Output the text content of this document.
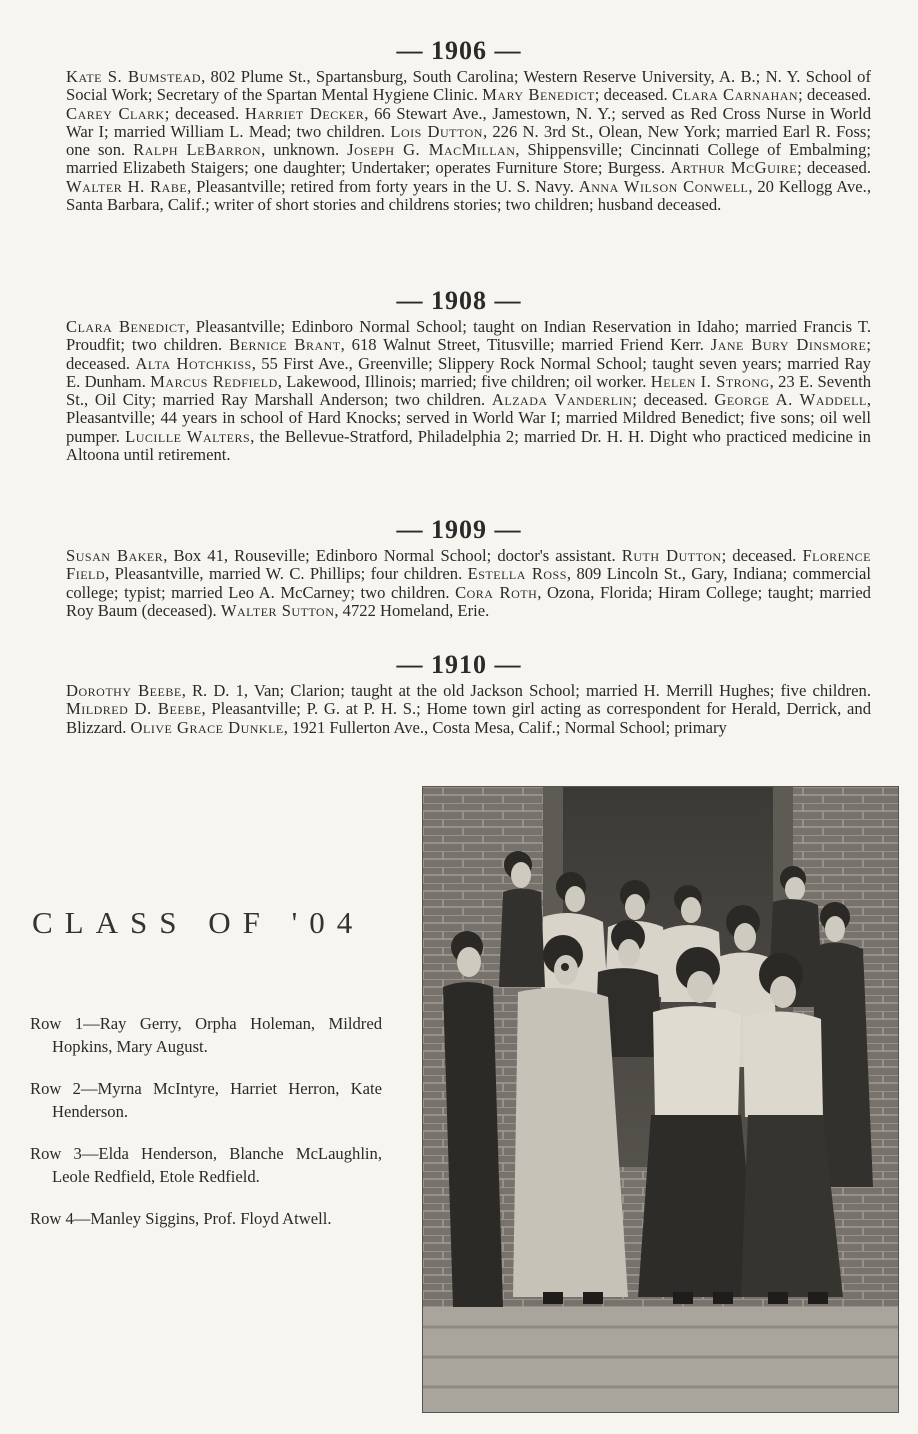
— 1906 —

Kate S. Bumstead, 802 Plume St., Spartansburg, South Carolina; Western Reserve University, A. B.; N. Y. School of Social Work; Secretary of the Spartan Mental Hygiene Clinic. Mary Benedict; deceased. Clara Carnahan; deceased. Carey Clark; deceased. Harriet Decker, 66 Stewart Ave., Jamestown, N. Y.; served as Red Cross Nurse in World War I; married William L. Mead; two children. Lois Dutton, 226 N. 3rd St., Olean, New York; married Earl R. Foss; one son. Ralph LeBarron, unknown. Joseph G. MacMillan, Shippensville; Cincinnati College of Embalming; married Elizabeth Staigers; one daughter; Undertaker; operates Furniture Store; Burgess. Arthur McGuire; deceased. Walter H. Rabe, Pleasantville; retired from forty years in the U. S. Navy. Anna Wilson Conwell, 20 Kellogg Ave., Santa Barbara, Calif.; writer of short stories and childrens stories; two children; husband deceased.

— 1908 —

Clara Benedict, Pleasantville; Edinboro Normal School; taught on Indian Reservation in Idaho; married Francis T. Proudfit; two children. Bernice Brant, 618 Walnut Street, Titusville; married Friend Kerr. Jane Bury Dinsmore; deceased. Alta Hotchkiss, 55 First Ave., Greenville; Slippery Rock Normal School; taught seven years; married Ray E. Dunham. Marcus Redfield, Lakewood, Illinois; married; five children; oil worker. Helen I. Strong, 23 E. Seventh St., Oil City; married Ray Marshall Anderson; two children. Alzada Vanderlin; deceased. George A. Waddell, Pleasantville; 44 years in school of Hard Knocks; served in World War I; married Mildred Benedict; five sons; oil well pumper. Lucille Walters, the Bellevue-Stratford, Philadelphia 2; married Dr. H. H. Dight who practiced medicine in Altoona until retirement.

— 1909 —

Susan Baker, Box 41, Rouseville; Edinboro Normal School; doctor's assistant. Ruth Dutton; deceased. Florence Field, Pleasantville, married W. C. Phillips; four children. Estella Ross, 809 Lincoln St., Gary, Indiana; commercial college; typist; married Leo A. McCarney; two children. Cora Roth, Ozona, Florida; Hiram College; taught; married Roy Baum (deceased). Walter Sutton, 4722 Homeland, Erie.

— 1910 —

Dorothy Beebe, R. D. 1, Van; Clarion; taught at the old Jackson School; married H. Merrill Hughes; five children. Mildred D. Beebe, Pleasantville; P. G. at P. H. S.; Home town girl acting as correspondent for Herald, Derrick, and Blizzard. Olive Grace Dunkle, 1921 Fullerton Ave., Costa Mesa, Calif.; Normal School; primary

CLASS OF '04

Row 1—Ray Gerry, Orpha Holeman, Mildred Hopkins, Mary August.

Row 2—Myrna McIntyre, Harriet Herron, Kate Henderson.

Row 3—Elda Henderson, Blanche McLaughlin, Leole Redfield, Etole Redfield.

Row 4—Manley Siggins, Prof. Floyd Atwell.
